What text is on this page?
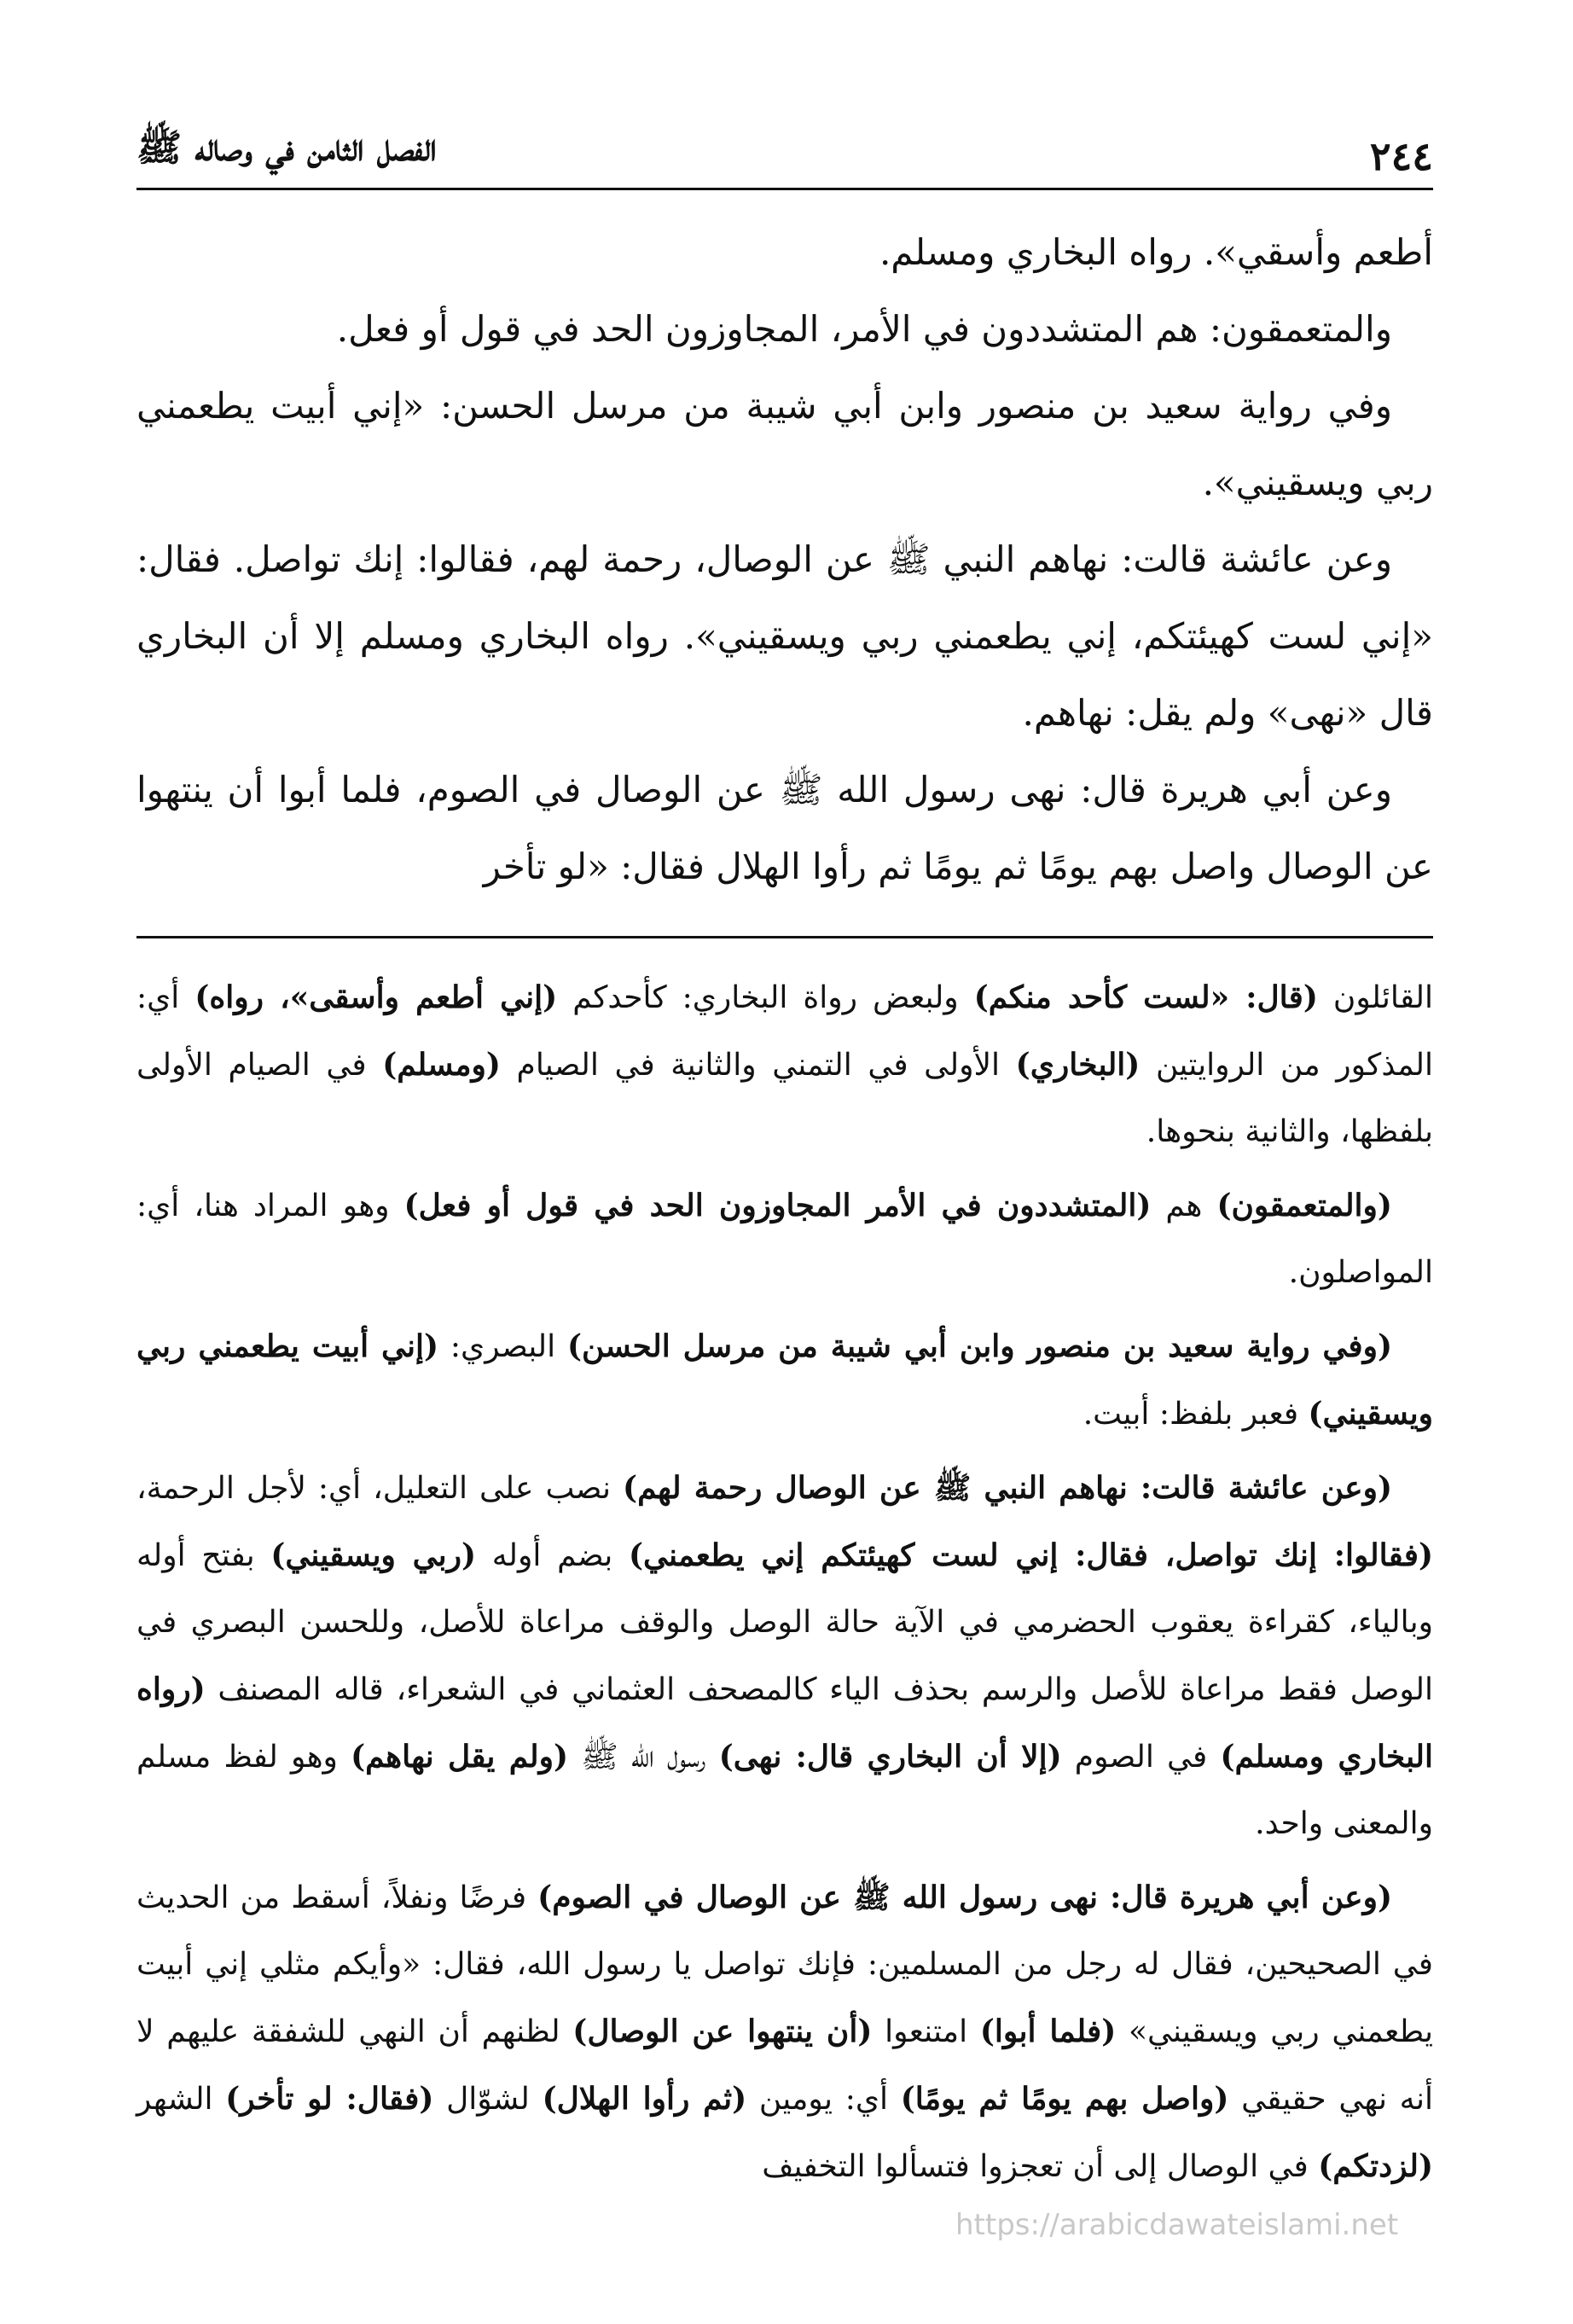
٢٤٤
الفصل الثامن في وصاله ﷺ

أطعم وأسقي». رواه البخاري ومسلم.

والمتعمقون: هم المتشددون في الأمر، المجاوزون الحد في قول أو فعل.

وفي رواية سعيد بن منصور وابن أبي شيبة من مرسل الحسن: «إني أبيت يطعمني ربي ويسقيني».

وعن عائشة قالت: نهاهم النبي ﷺ عن الوصال، رحمة لهم، فقالوا: إنك تواصل. فقال: «إني لست كهيئتكم، إني يطعمني ربي ويسقيني». رواه البخاري ومسلم إلا أن البخاري قال «نهى» ولم يقل: نهاهم.

وعن أبي هريرة قال: نهى رسول الله ﷺ عن الوصال في الصوم، فلما أبوا أن ينتهوا عن الوصال واصل بهم يومًا ثم يومًا ثم رأوا الهلال فقال: «لو تأخر

القائلون (قال: «لست كأحد منكم) ولبعض رواة البخاري: كأحدكم (إني أطعم وأسقى»، رواه) أي: المذكور من الروايتين (البخاري) الأولى في التمني والثانية في الصيام (ومسلم) في الصيام الأولى بلفظها، والثانية بنحوها.

(والمتعمقون) هم (المتشددون في الأمر المجاوزون الحد في قول أو فعل) وهو المراد هنا، أي: المواصلون.

(وفي رواية سعيد بن منصور وابن أبي شيبة من مرسل الحسن) البصري: (إني أبيت يطعمني ربي ويسقيني) فعبر بلفظ: أبيت.

(وعن عائشة قالت: نهاهم النبي ﷺ عن الوصال رحمة لهم) نصب على التعليل، أي: لأجل الرحمة، (فقالوا: إنك تواصل، فقال: إني لست كهيئتكم إني يطعمني) بضم أوله (ربي ويسقيني) بفتح أوله وبالياء، كقراءة يعقوب الحضرمي في الآية حالة الوصل والوقف مراعاة للأصل، وللحسن البصري في الوصل فقط مراعاة للأصل والرسم بحذف الياء كالمصحف العثماني في الشعراء، قاله المصنف (رواه البخاري ومسلم) في الصوم (إلا أن البخاري قال: نهى) رسول الله ﷺ (ولم يقل نهاهم) وهو لفظ مسلم والمعنى واحد.

(وعن أبي هريرة قال: نهى رسول الله ﷺ عن الوصال في الصوم) فرضًا ونفلاً، أسقط من الحديث في الصحيحين، فقال له رجل من المسلمين: فإنك تواصل يا رسول الله، فقال: «وأيكم مثلي إني أبيت يطعمني ربي ويسقيني» (فلما أبوا) امتنعوا (أن ينتهوا عن الوصال) لظنهم أن النهي للشفقة عليهم لا أنه نهي حقيقي (واصل بهم يومًا ثم يومًا) أي: يومين (ثم رأوا الهلال) لشوّال (فقال: لو تأخر) الشهر (لزدتكم) في الوصال إلى أن تعجزوا فتسألوا التخفيف

https://arabicdawateislami.net
